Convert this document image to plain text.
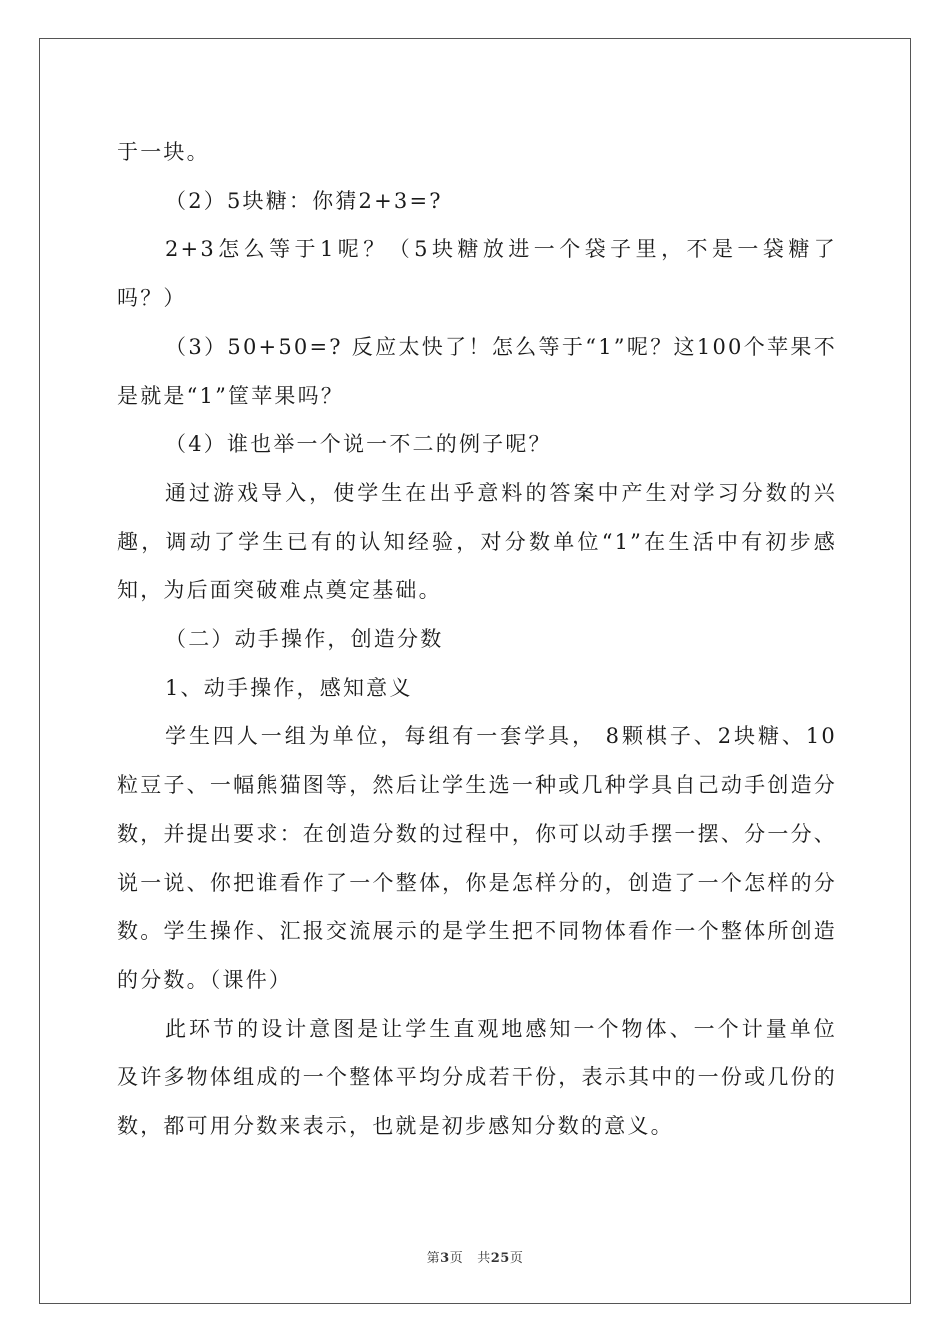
于一块。

（2）5块糖：你猜2+3=?

2+3怎么等于1呢？（5块糖放进一个袋子里，不是一袋糖了吗？）

（3）50+50=? 反应太快了！怎么等于“1”呢？这100个苹果不是就是“1”筐苹果吗？

（4）谁也举一个说一不二的例子呢？

通过游戏导入，使学生在出乎意料的答案中产生对学习分数的兴趣，调动了学生已有的认知经验，对分数单位“1”在生活中有初步感知，为后面突破难点奠定基础。

（二）动手操作，创造分数

1、动手操作，感知意义

学生四人一组为单位，每组有一套学具， 8颗棋子、2块糖、10粒豆子、一幅熊猫图等，然后让学生选一种或几种学具自己动手创造分数，并提出要求：在创造分数的过程中，你可以动手摆一摆、分一分、说一说、你把谁看作了一个整体，你是怎样分的，创造了一个怎样的分数。学生操作、汇报交流展示的是学生把不同物体看作一个整体所创造的分数。（课件）

此环节的设计意图是让学生直观地感知一个物体、一个计量单位及许多物体组成的一个整体平均分成若干份，表示其中的一份或几份的数，都可用分数来表示，也就是初步感知分数的意义。

第3页 共25页
